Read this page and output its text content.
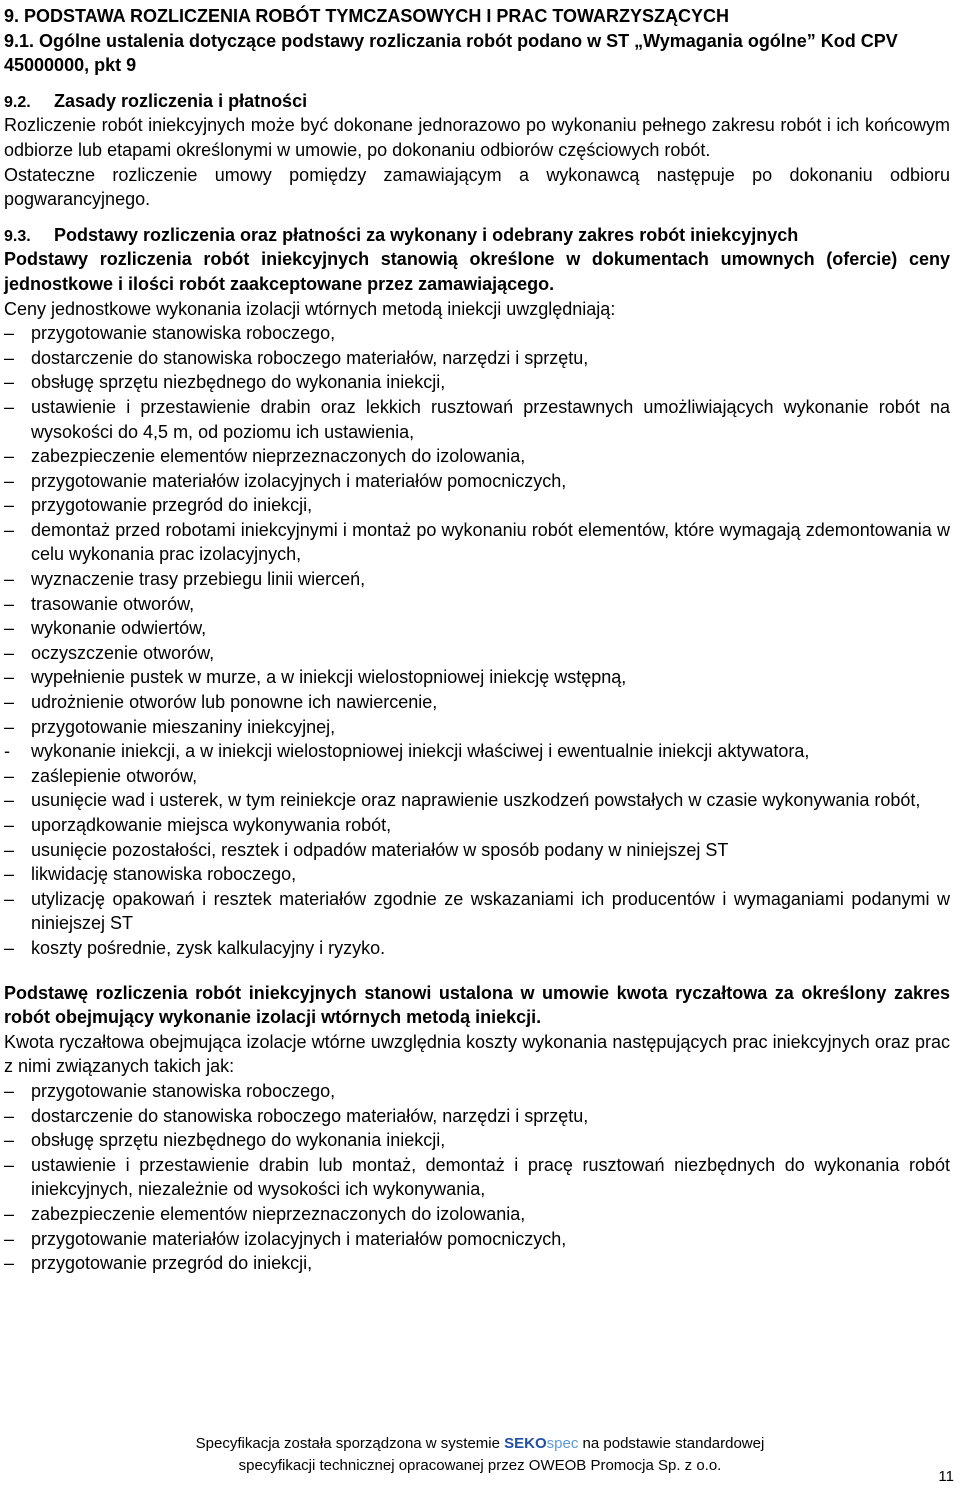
9. PODSTAWA ROZLICZENIA ROBÓT TYMCZASOWYCH I PRAC TOWARZYSZĄCYCH

9.1. Ogólne ustalenia dotyczące podstawy rozliczania robót podano w ST „Wymagania ogólne” Kod CPV 45000000, pkt 9

9.2.	Zasady rozliczenia i płatności

Rozliczenie robót iniekcyjnych może być dokonane jednorazowo po wykonaniu pełnego zakresu robót i ich końcowym odbiorze lub etapami określonymi w umowie, po dokonaniu odbiorów częściowych robót.

Ostateczne rozliczenie umowy pomiędzy zamawiającym a wykonawcą następuje po dokonaniu odbioru pogwarancyjnego.

9.3.	Podstawy rozliczenia oraz płatności za wykonany i odebrany zakres robót iniekcyjnych

Podstawy rozliczenia robót iniekcyjnych stanowią określone w dokumentach umownych (ofercie) ceny jednostkowe i ilości robót zaakceptowane przez zamawiającego.

Ceny jednostkowe wykonania izolacji wtórnych metodą iniekcji uwzględniają:

– przygotowanie stanowiska roboczego,
– dostarczenie do stanowiska roboczego materiałów, narzędzi i sprzętu,
– obsługę sprzętu niezbędnego do wykonania iniekcji,
– ustawienie i przestawienie drabin oraz lekkich rusztowań przestawnych umożliwiających wykonanie robót na wysokości do 4,5 m, od poziomu ich ustawienia,
– zabezpieczenie elementów nieprzeznaczonych do izolowania,
– przygotowanie materiałów izolacyjnych i materiałów pomocniczych,
– przygotowanie przegród do iniekcji,
– demontaż przed robotami iniekcyjnymi i montaż po wykonaniu robót elementów, które wymagają zdemontowania w celu wykonania prac izolacyjnych,
– wyznaczenie trasy przebiegu linii wierceń,
– trasowanie otworów,
– wykonanie odwiertów,
– oczyszczenie otworów,
– wypełnienie pustek w murze, a w iniekcji wielostopniowej iniekcję wstępną,
– udrożnienie otworów lub ponowne ich nawiercenie,
– przygotowanie mieszaniny iniekcyjnej,
-	wykonanie iniekcji, a w iniekcji wielostopniowej iniekcji właściwej i ewentualnie iniekcji aktywatora,
– zaślepienie otworów,
– usunięcie wad i usterek, w tym reiniekcje oraz naprawienie uszkodzeń powstałych w czasie wykonywania robót,
– uporządkowanie miejsca wykonywania robót,
– usunięcie pozostałości, resztek i odpadów materiałów w sposób podany w niniejszej ST
– likwidację stanowiska roboczego,
– utylizację opakowań i resztek materiałów zgodnie ze wskazaniami ich producentów i wymaganiami podanymi w niniejszej ST
– koszty pośrednie, zysk kalkulacyjny i ryzyko.

Podstawę rozliczenia robót iniekcyjnych stanowi ustalona w umowie kwota ryczałtowa za określony zakres robót obejmujący wykonanie izolacji wtórnych metodą iniekcji.

Kwota ryczałtowa obejmująca izolacje wtórne uwzględnia koszty wykonania następujących prac iniekcyjnych oraz prac z nimi związanych takich jak:

– przygotowanie stanowiska roboczego,
– dostarczenie do stanowiska roboczego materiałów, narzędzi i sprzętu,
– obsługę sprzętu niezbędnego do wykonania iniekcji,
– ustawienie i przestawienie drabin lub montaż, demontaż i pracę rusztowań niezbędnych do wykonania robót iniekcyjnych, niezależnie od wysokości ich wykonywania,
– zabezpieczenie elementów nieprzeznaczonych do izolowania,
– przygotowanie materiałów izolacyjnych i materiałów pomocniczych,
– przygotowanie przegród do iniekcji,
Specyfikacja została sporządzona w systemie SEKOspec na podstawie standardowej
specyfikacji technicznej opracowanej przez OWEOB Promocja Sp. z o.o.
11
